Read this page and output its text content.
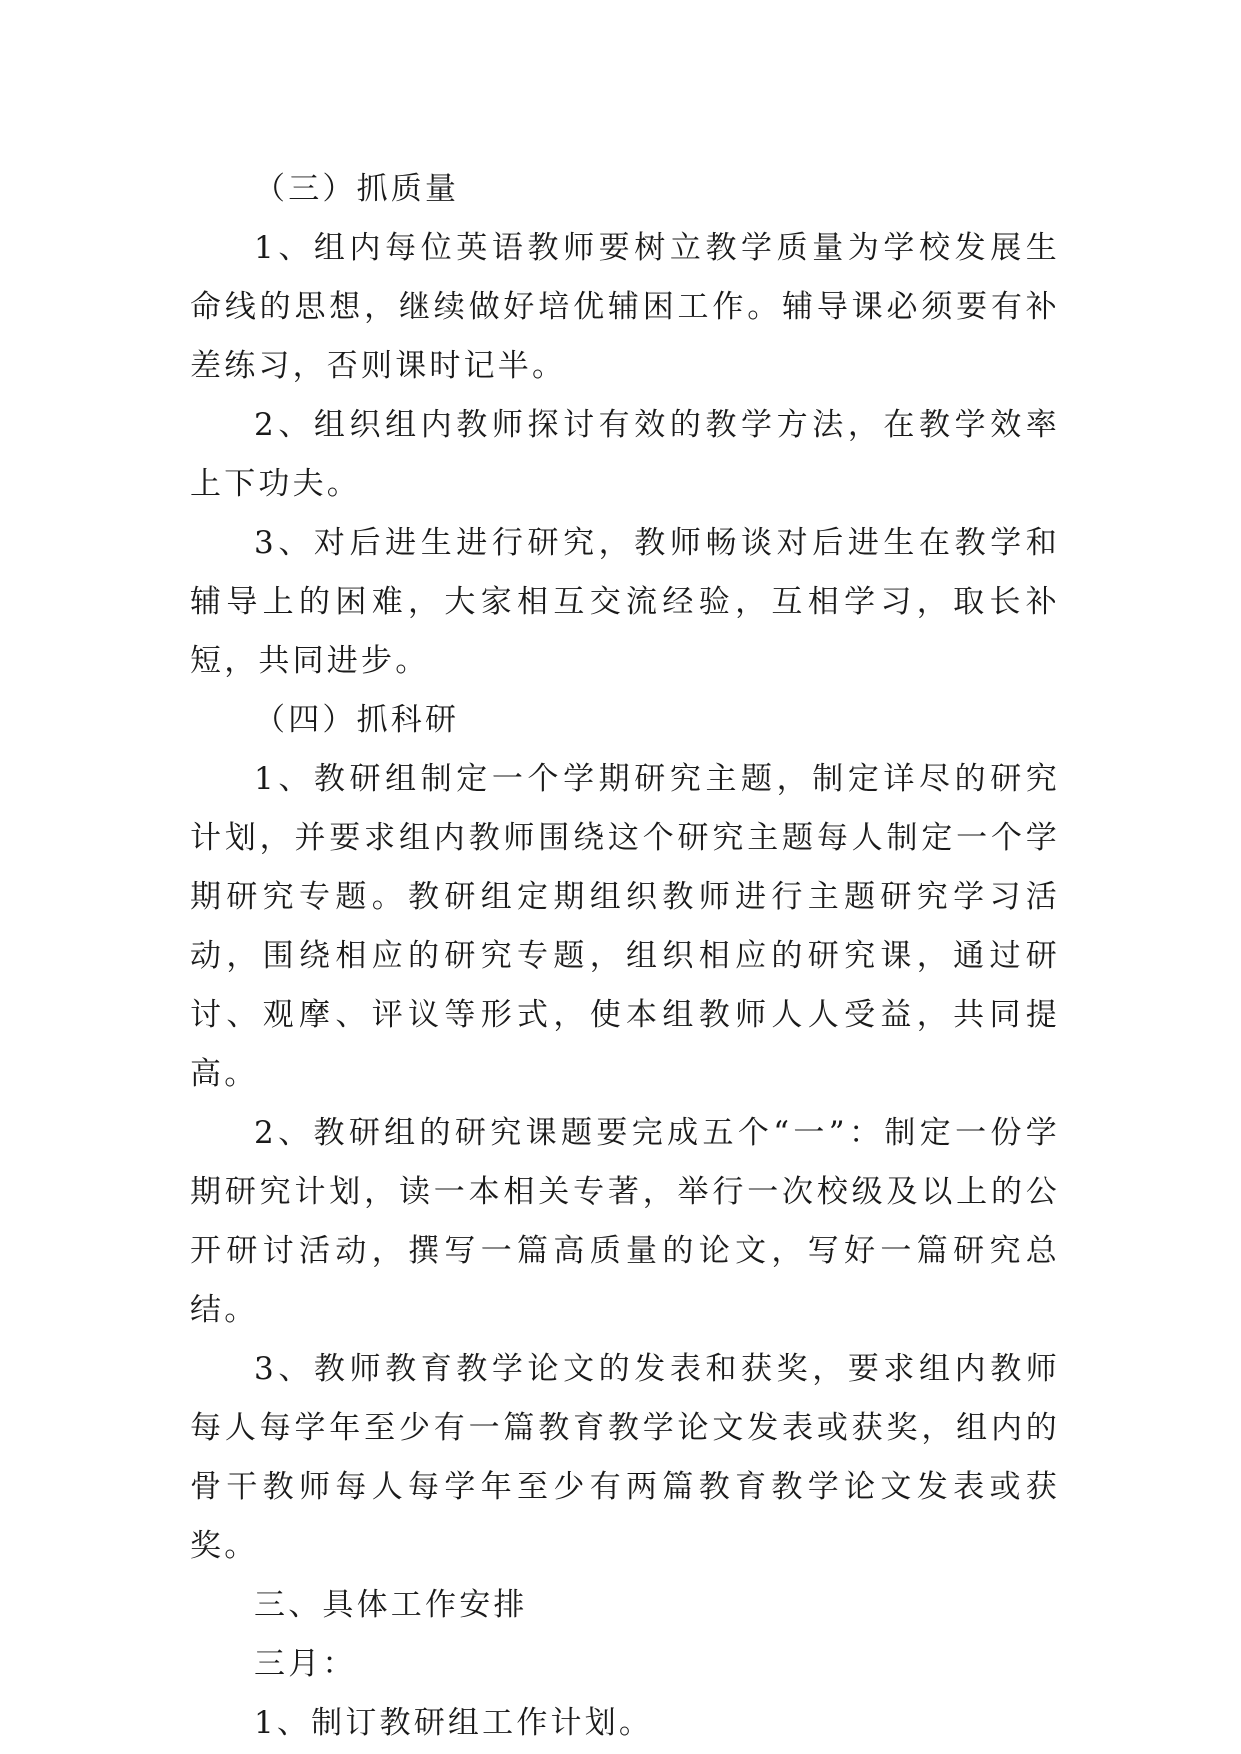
（三）抓质量

1、组内每位英语教师要树立教学质量为学校发展生命线的思想，继续做好培优辅困工作。辅导课必须要有补差练习，否则课时记半。

2、组织组内教师探讨有效的教学方法，在教学效率上下功夫。

3、对后进生进行研究，教师畅谈对后进生在教学和辅导上的困难，大家相互交流经验，互相学习，取长补短，共同进步。

（四）抓科研

1、教研组制定一个学期研究主题，制定详尽的研究计划，并要求组内教师围绕这个研究主题每人制定一个学期研究专题。教研组定期组织教师进行主题研究学习活动，围绕相应的研究专题，组织相应的研究课，通过研讨、观摩、评议等形式，使本组教师人人受益，共同提高。

2、教研组的研究课题要完成五个“一”：制定一份学期研究计划，读一本相关专著，举行一次校级及以上的公开研讨活动，撰写一篇高质量的论文，写好一篇研究总结。

3、教师教育教学论文的发表和获奖，要求组内教师每人每学年至少有一篇教育教学论文发表或获奖，组内的骨干教师每人每学年至少有两篇教育教学论文发表或获奖。

三、具体工作安排

三月：

1、制订教研组工作计划。
